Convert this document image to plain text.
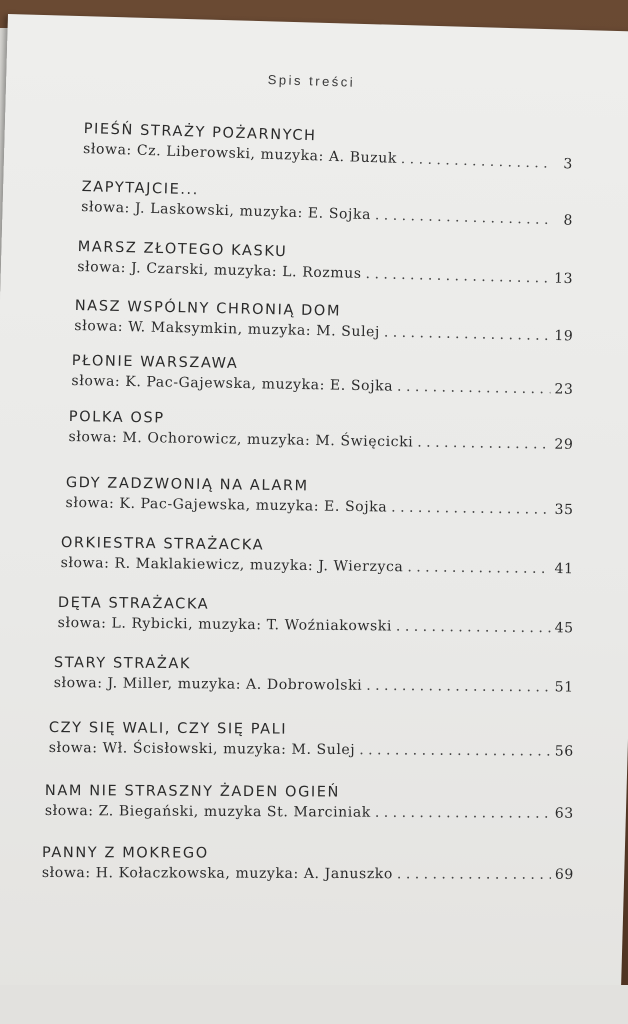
Spis treści
PIEŚŃ STRAŻY POŻARNYCH
słowa: Cz. Liberowski, muzyka: A. Buzuk . . .	3
ZAPYTAJCIE...
słowa: J. Laskowski, muzyka: E. Sojka . . .	8
MARSZ ZŁOTEGO KASKU
słowa: J. Czarski, muzyka: L. Rozmus . . .	13
NASZ WSPÓLNY CHRONIĄ DOM
słowa: W. Maksymkin, muzyka: M. Sulej . . .	19
PŁONIE WARSZAWA
słowa: K. Pac-Gajewska, muzyka: E. Sojka . . .	23
POLKA OSP
słowa: M. Ochorowicz, muzyka: M. Święcicki . . .	29
GDY ZADZWONIĄ NA ALARM
słowa: K. Pac-Gajewska, muzyka: E. Sojka . . .	35
ORKIESTRA STRAŻACKA
słowa: R. Maklakiewicz, muzyka: J. Wierzyca . . .	41
DĘTA STRAŻACKA
słowa: L. Rybicki, muzyka: T. Woźniakowski . . .	45
STARY STRAŻAK
słowa: J. Miller, muzyka: A. Dobrowolski . . .	51
CZY SIĘ WALI, CZY SIĘ PALI
słowa: Wł. Ścisłowski, muzyka: M. Sulej . . .	56
NAM NIE STRASZNY ŻADEN OGIEŃ
słowa: Z. Biegański, muzyka St. Marciniak . . .	63
PANNY Z MOKREGO
słowa: H. Kołaczkowska, muzyka: A. Januszko . . .	69
